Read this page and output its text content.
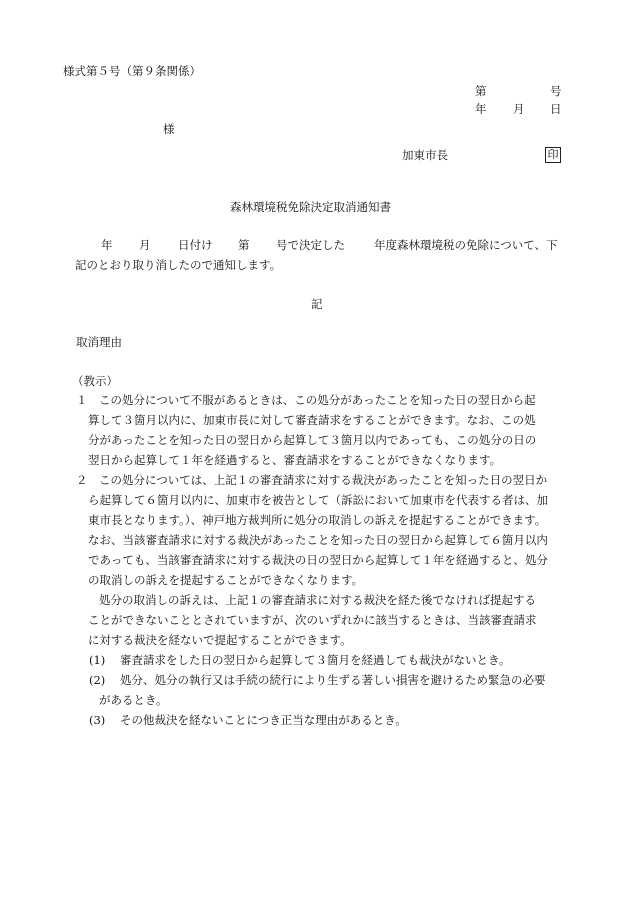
様式第５号（第９条関係）
第	号
年 月 日
様
加東市長	印
森林環境税免除決定取消通知書
年 月 日付け 第 号で決定した	年度森林環境税の免除について、下
記のとおり取り消したので通知します。
記
取消理由
（教示）
１ この処分について不服があるときは、この処分があったことを知った日の翌日から起
算して３箇月以内に、加東市長に対して審査請求をすることができます。なお、この処
分があったことを知った日の翌日から起算して３箇月以内であっても、この処分の日の
翌日から起算して１年を経過すると、審査請求をすることができなくなります。
２ この処分については、上記１の審査請求に対する裁決があったことを知った日の翌日か
ら起算して６箇月以内に、加東市を被告として（訴訟において加東市を代表する者は、加
東市長となります。）、神戸地方裁判所に処分の取消しの訴えを提起することができます。
なお、当該審査請求に対する裁決があったことを知った日の翌日から起算して６箇月以内
であっても、当該審査請求に対する裁決の日の翌日から起算して１年を経過すると、処分
の取消しの訴えを提起することができなくなります。
処分の取消しの訴えは、上記１の審査請求に対する裁決を経た後でなければ提起する
ことができないこととされていますが、次のいずれかに該当するときは、当該審査請求
に対する裁決を経ないで提起することができます。
(1) 審査請求をした日の翌日から起算して３箇月を経過しても裁決がないとき。
(2) 処分、処分の執行又は手続の続行により生ずる著しい損害を避けるため緊急の必要
があるとき。
(3) その他裁決を経ないことにつき正当な理由があるとき。
